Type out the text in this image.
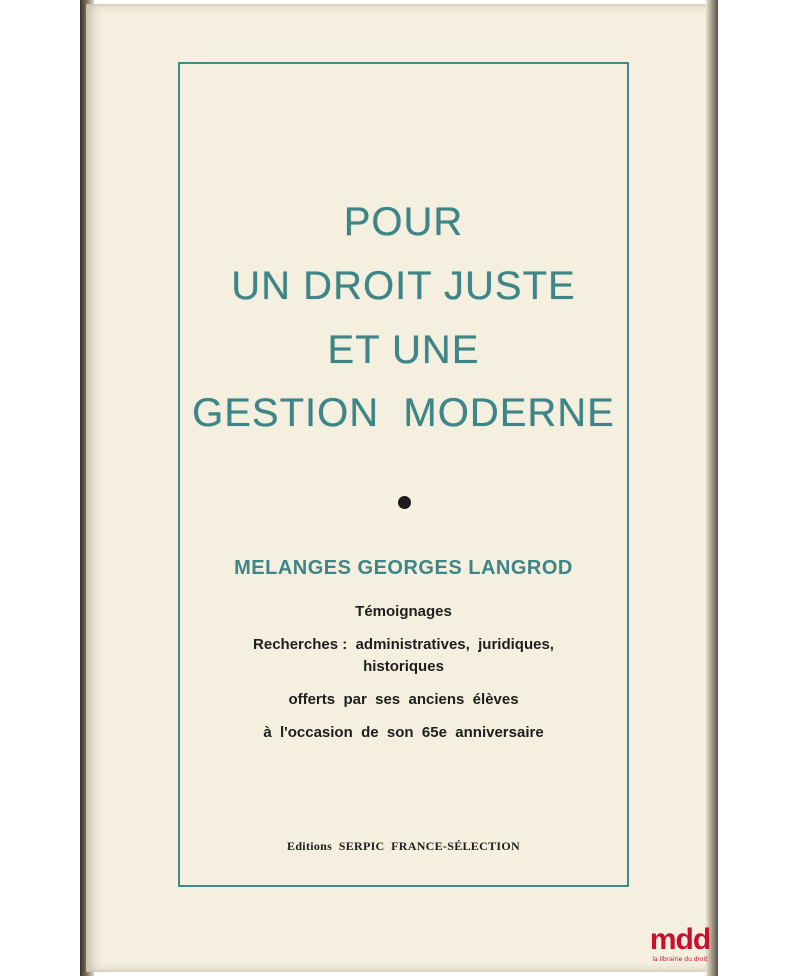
POUR
UN DROIT JUSTE
ET UNE
GESTION  MODERNE
MELANGES GEORGES LANGROD
Témoignages
Recherches :  administratives,  juridiques,
historiques
offerts  par  ses  anciens  élèves
à  l'occasion  de  son  65e  anniversaire
Editions  SERPIC  FRANCE-SÉLECTION
mdd
la librairie du droit
